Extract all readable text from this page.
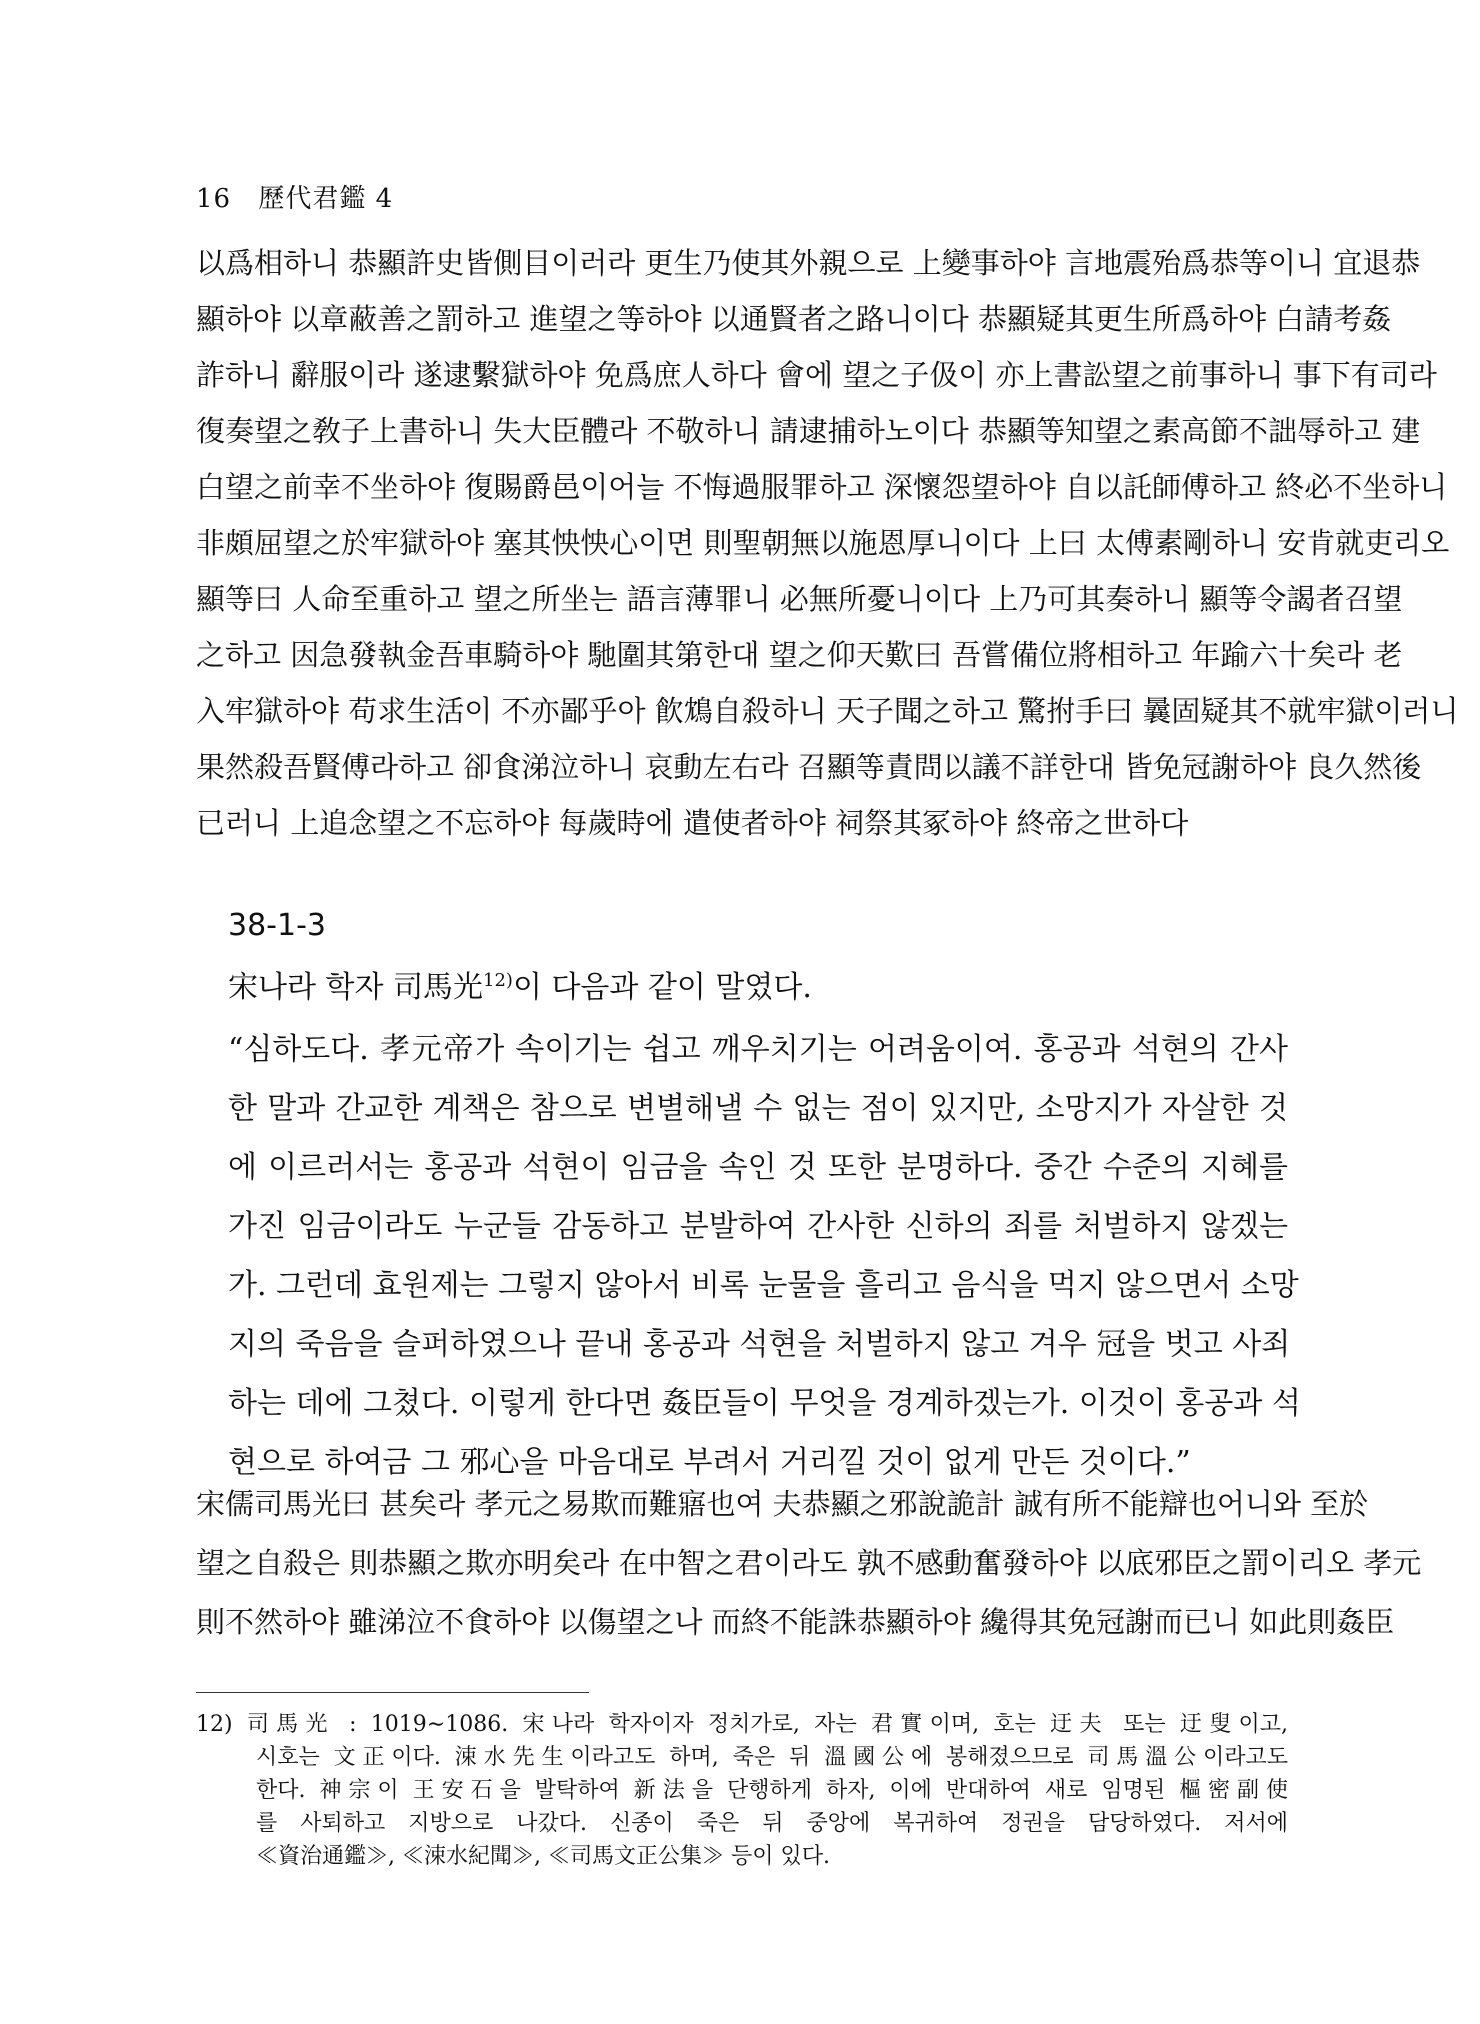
16 歷代君鑑 4
以爲相하니 恭顯許史皆側目이러라 更生乃使其外親으로 上變事하야 言地震殆爲恭等이니 宜退恭
顯하야 以章蔽善之罰하고 進望之等하야 以通賢者之路니이다 恭顯疑其更生所爲하야 白請考姦
詐하니 辭服이라 遂逮繫獄하야 免爲庶人하다 會에 望之子伋이 亦上書訟望之前事하니 事下有司라
復奏望之敎子上書하니 失大臣體라 不敬하니 請逮捕하노이다 恭顯等知望之素高節不詘辱하고 建
白望之前幸不坐하야 復賜爵邑이어늘 不悔過服罪하고 深懷怨望하야 自以託師傅하고 終必不坐하니
非頗屈望之於牢獄하야 塞其怏怏心이면 則聖朝無以施恩厚니이다 上曰 太傅素剛하니 安肯就吏리오
顯等曰 人命至重하고 望之所坐는 語言薄罪니 必無所憂니이다 上乃可其奏하니 顯等令謁者召望
之하고 因急發執金吾車騎하야 馳圍其第한대 望之仰天歎曰 吾嘗備位將相하고 年踰六十矣라 老
入牢獄하야 苟求生活이 不亦鄙乎아 飮鴆自殺하니 天子聞之하고 驚拊手曰 曩固疑其不就牢獄이러니
果然殺吾賢傅라하고 卻食涕泣하니 哀動左右라 召顯等責問以議不詳한대 皆免冠謝하야 良久然後
已러니 上追念望之不忘하야 每歲時에 遣使者하야 祠祭其冢하야 終帝之世하다
38-1-3
宋나라 학자 司馬光$^{12)}$이 다음과 같이 말였다.
“심하도다. 孝元帝가 속이기는 쉽고 깨우치기는 어려움이여. 홍공과 석현의 간사
한 말과 간교한 계책은 참으로 변별해낼 수 없는 점이 있지만, 소망지가 자살한 것
에 이르러서는 홍공과 석현이 임금을 속인 것 또한 분명하다. 중간 수준의 지혜를
가진 임금이라도 누군들 감동하고 분발하여 간사한 신하의 죄를 처벌하지 않겠는
가. 그런데 효원제는 그렇지 않아서 비록 눈물을 흘리고 음식을 먹지 않으면서 소망
지의 죽음을 슬퍼하였으나 끝내 홍공과 석현을 처벌하지 않고 겨우 冠을 벗고 사죄
하는 데에 그쳤다. 이렇게 한다면 姦臣들이 무엇을 경계하겠는가. 이것이 홍공과 석
현으로 하여금 그 邪心을 마음대로 부려서 거리낄 것이 없게 만든 것이다.”
宋儒司馬光曰 甚矣라 孝元之易欺而難寤也여 夫恭顯之邪說詭計 誠有所不能辯也어니와 至於
望之自殺은 則恭顯之欺亦明矣라 在中智之君이라도 孰不感動奮發하야 以底邪臣之罰이리오 孝元
則不然하야 雖涕泣不食하야 以傷望之나 而終不能誅恭顯하야 纔得其免冠謝而已니 如此則姦臣
12) 司馬光 : 1019∼1086. 宋나라 학자이자 정치가로, 자는 君實이며, 호는 迂夫 또는 迂叟이고,
시호는 文正이다. 涑水先生이라고도 하며, 죽은 뒤 溫國公에 봉해졌으므로 司馬溫公이라고도
한다. 神宗이 王安石을 발탁하여 新法을 단행하게 하자, 이에 반대하여 새로 임명된 樞密副使
를 사퇴하고 지방으로 나갔다. 신종이 죽은 뒤 중앙에 복귀하여 정권을 담당하였다. 저서에
≪資治通鑑≫, ≪涑水紀聞≫, ≪司馬文正公集≫ 등이 있다.
